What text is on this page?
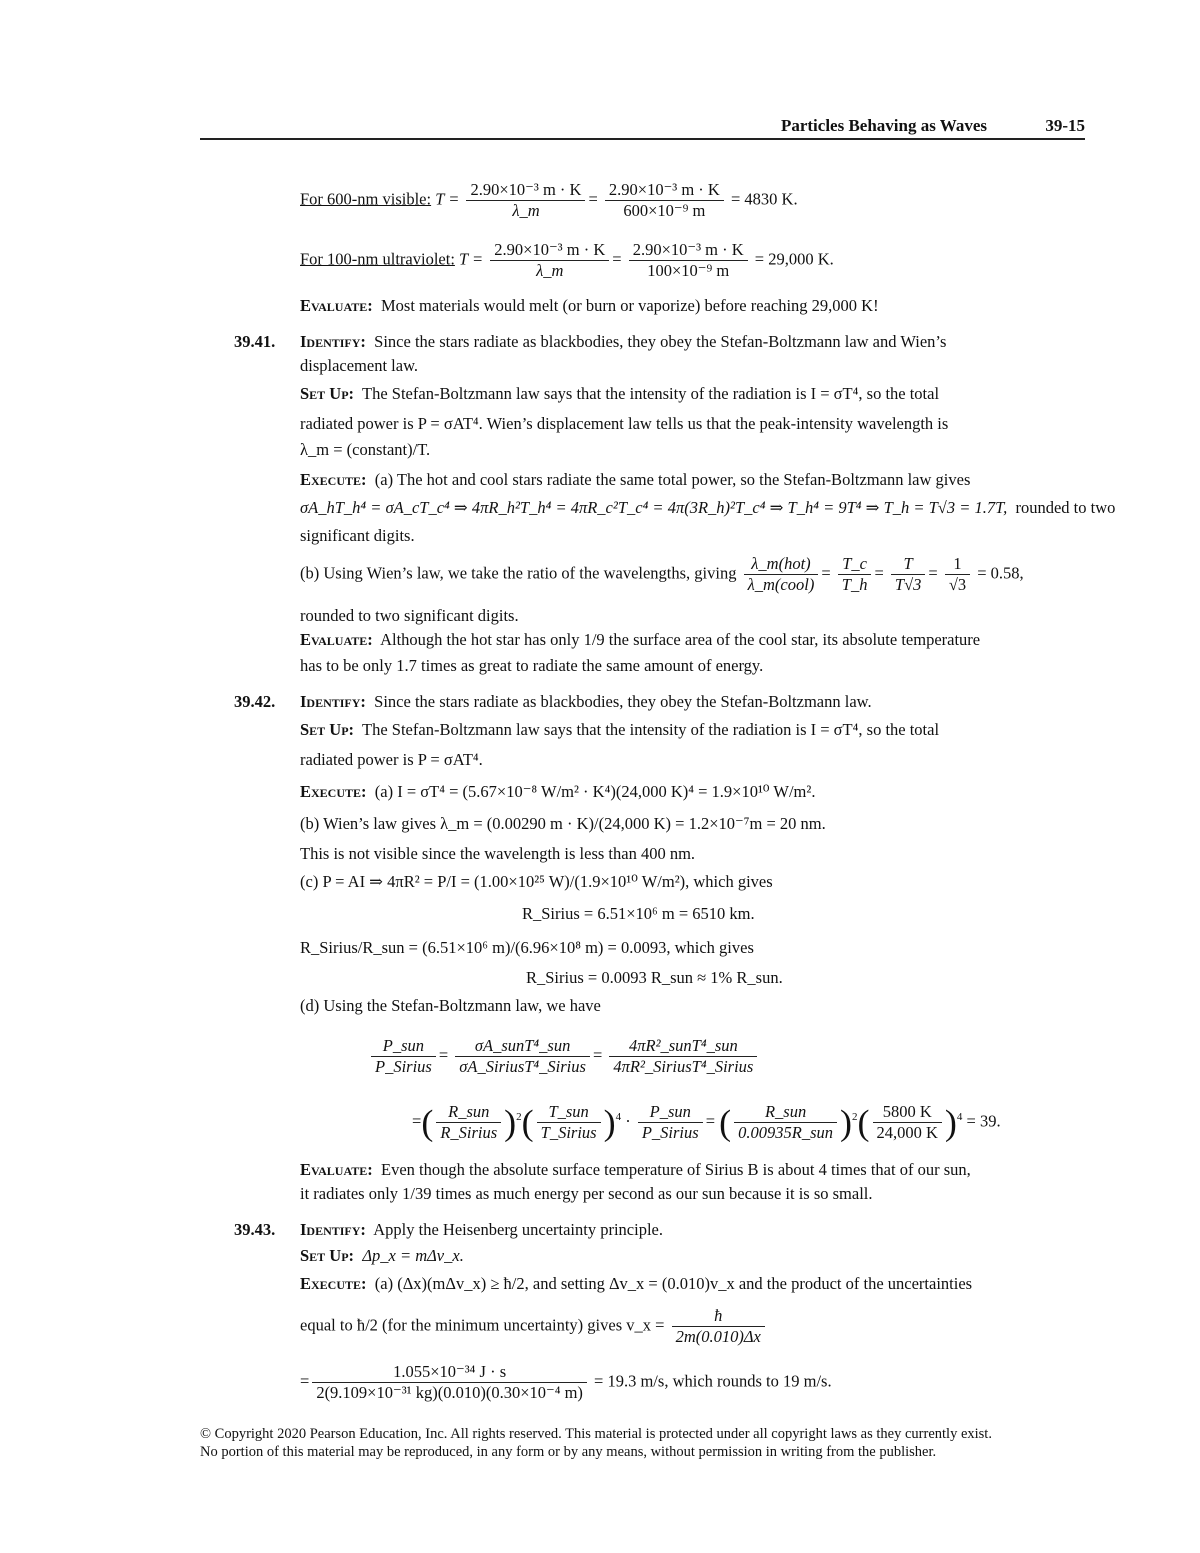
Particles Behaving as Waves	39-15
For 600-nm visible: $T = \frac{\text{2.90×10⁻³ m · K}}{\lambda\_m} = \frac{\text{2.90×10⁻³ m · K}}{\text{600×10⁻⁹ m}} = 4830$ K.
For 100-nm ultraviolet: $T = \frac{\text{2.90×10⁻³ m · K}}{\lambda\_m} = \frac{\text{2.90×10⁻³ m · K}}{\text{100×10⁻⁹ m}} = 29,000$ K.
Evaluate: Most materials would melt (or burn or vaporize) before reaching 29,000 K!
39.41. Identify: Since the stars radiate as blackbodies, they obey the Stefan-Boltzmann law and Wien’s
displacement law.
Set Up: The Stefan-Boltzmann law says that the intensity of the radiation is I = σT⁴, so the total
radiated power is P = σAT⁴. Wien’s displacement law tells us that the peak-intensity wavelength is
λ_m = (constant)/T.
Execute: (a) The hot and cool stars radiate the same total power, so the Stefan-Boltzmann law gives
σA_hT_h⁴ = σA_cT_c⁴ ⇒ 4πR_h²T_h⁴ = 4πR_c²T_c⁴ = 4π(3R_h)²T_c⁴ ⇒ T_h⁴ = 9T⁴ ⇒ T_h = T√3 = 1.7T, rounded to two
significant digits.
(b) Using Wien’s law, we take the ratio of the wavelengths, giving $\frac{\text{λ\_m(hot)}}{\text{λ\_m(cool)}} = \frac{T\_c}{T\_h} = \frac{T}{T√3} = \frac{1}{√3} = 0.58$,
rounded to two significant digits.
Evaluate: Although the hot star has only 1/9 the surface area of the cool star, its absolute temperature
has to be only 1.7 times as great to radiate the same amount of energy.
39.42. Identify: Since the stars radiate as blackbodies, they obey the Stefan-Boltzmann law.
Set Up: The Stefan-Boltzmann law says that the intensity of the radiation is I = σT⁴, so the total
radiated power is P = σAT⁴.
Execute: (a) I = σT⁴ = (5.67×10⁻⁸ W/m² · K⁴)(24,000 K)⁴ = 1.9×10¹⁰ W/m².
(b) Wien’s law gives λ_m = (0.00290 m · K)/(24,000 K) = 1.2×10⁻⁷m = 20 nm.
This is not visible since the wavelength is less than 400 nm.
(c) P = AI ⇒ 4πR² = P/I = (1.00×10²⁵ W)/(1.9×10¹⁰ W/m²), which gives
R_Sirius = 6.51×10⁶ m = 6510 km.
R_Sirius/R_sun = (6.51×10⁶ m)/(6.96×10⁸ m) = 0.0093, which gives
R_Sirius = 0.0093 R_sun ≈ 1% R_sun.
(d) Using the Stefan-Boltzmann law, we have
$\frac{\text{P\_sun}}{\text{P\_Sirius}} = \frac{\text{σA\_sunT⁴\_sun}}{\text{σA\_SiriusT⁴\_Sirius}} = \frac{\text{4πR²\_sunT⁴\_sun}}{\text{4πR²\_SiriusT⁴\_Sirius}}$
=( $\frac{\text{R\_sun}}{\text{R\_Sirius}} )^2( \frac{\text{T\_sun}}{\text{T\_Sirius}} )^4 \cdot \frac{\text{P\_sun}}{\text{P\_Sirius}}$ = ( $\frac{\text{R\_sun}}{\text{0.00935R\_sun}} )^2( \frac{5800 K}{24,000 K} )^4 = 39$.
Evaluate: Even though the absolute surface temperature of Sirius B is about 4 times that of our sun,
it radiates only 1/39 times as much energy per second as our sun because it is so small.
39.43. Identify: Apply the Heisenberg uncertainty principle.
Set Up: Δp_x = mΔv_x.
Execute: (a) (Δx)(mΔv_x) ≥ ħ/2, and setting Δv_x = (0.010)v_x and the product of the uncertainties
equal to ħ/2 (for the minimum uncertainty) gives v_x = $\frac{ħ}{2m(0.010)\Delta x}$
= $\frac{\text{1.055×10⁻³⁴ J · s}}{\text{2(9.109×10⁻³¹ kg)(0.010)(0.30×10⁻⁴ m)}} = 19.3$ m/s, which rounds to 19 m/s.
© Copyright 2020 Pearson Education, Inc. All rights reserved. This material is protected under all copyright laws as they currently exist.
No portion of this material may be reproduced, in any form or by any means, without permission in writing from the publisher.
